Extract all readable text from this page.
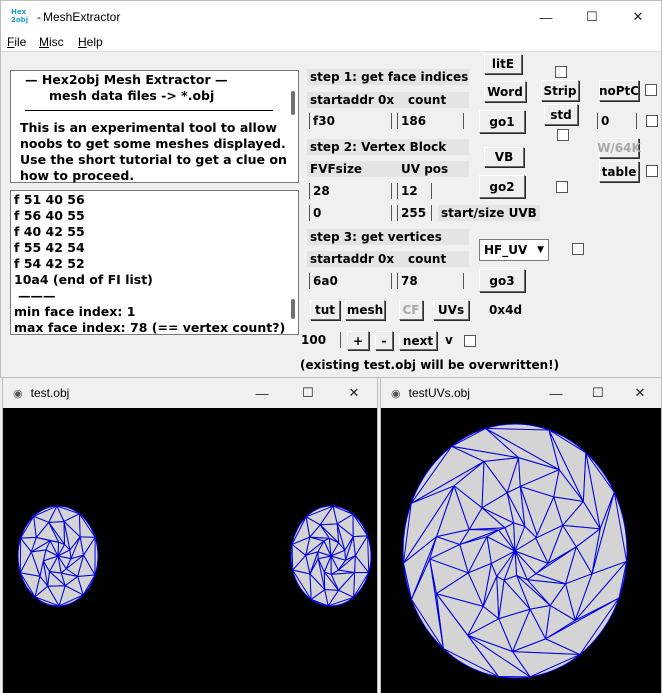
Hex 2obj - MeshExtractor	—	☐	✕
File Misc Help
— Hex2obj Mesh Extractor —
mesh data files -> *.obj
This is an experimental tool to allow
noobs to get some meshes displayed.
Use the short tutorial to get a clue on
how to proceed.
f 51 40 56
f 56 40 55
f 40 42 55
f 55 42 54
f 54 42 52
10a4 (end of FI list)
———
min face index: 1
max face index: 78 (== vertex count?)
step 1: get face indices
startaddr 0x count
f30	186
step 2: Vertex Block
FVFsize	UV pos
28	12
0	255 start/size UVB
step 3: get vertices
startaddr 0x count
6a0	78
litE
Word
go1
VB
go2
go3
0x4d
HF_UV ▼
Strip
std
noPtC
0
W/64K
table
tut mesh CF	UVs
100	+	-	next v
(existing test.obj will be overwritten!)
◉ test.obj	—	☐	✕	◉ testUVs.obj	— ☐ ✕
